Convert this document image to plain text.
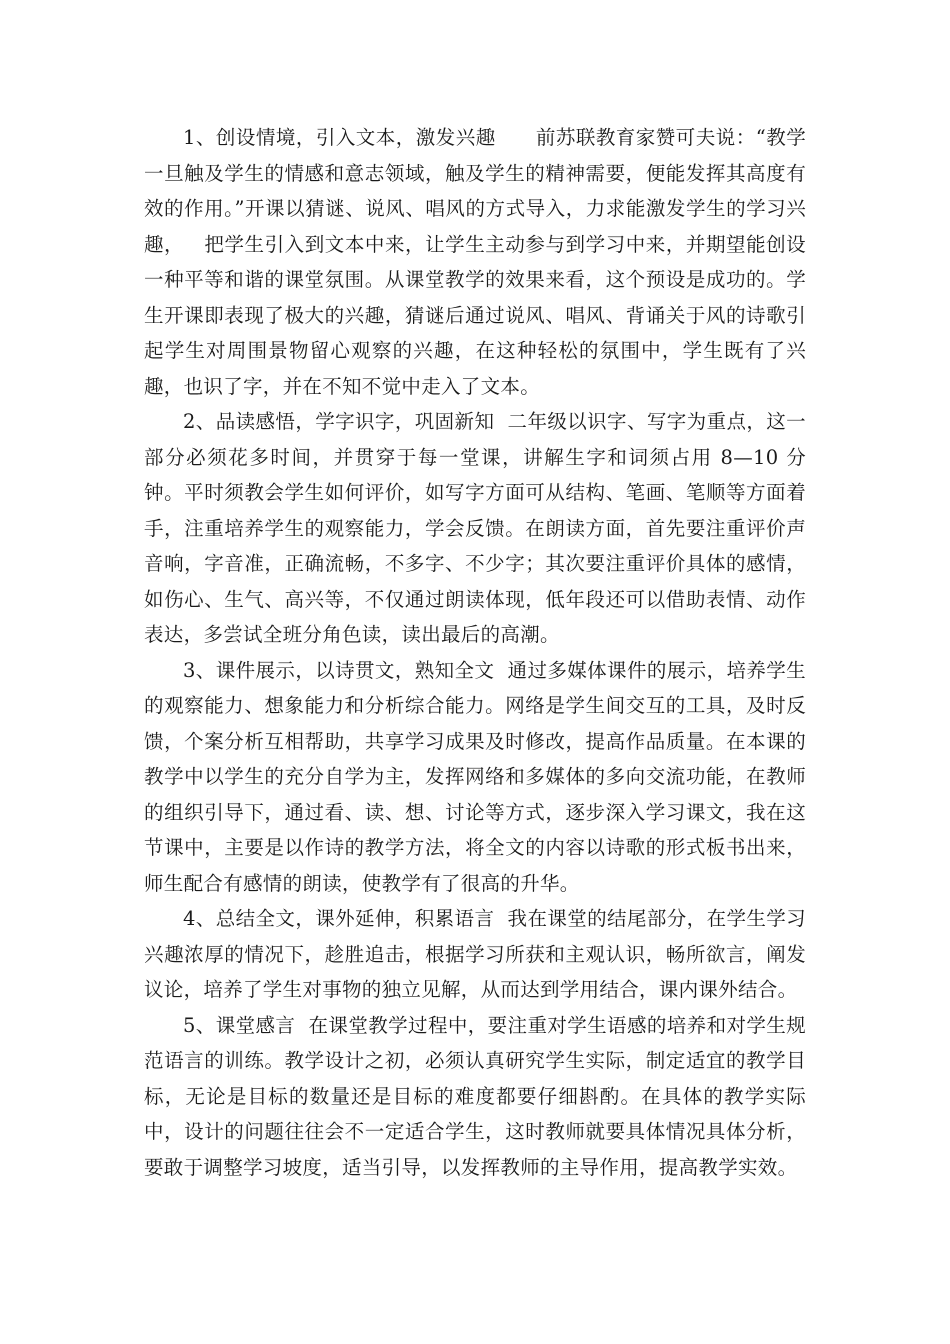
1、创设情境，引入文本，激发兴趣      前苏联教育家赞可夫说：“教学一旦触及学生的情感和意志领域，触及学生的精神需要，便能发挥其高度有效的作用。”开课以猜谜、说风、唱风的方式导入，力求能激发学生的学习兴趣，   把学生引入到文本中来，让学生主动参与到学习中来，并期望能创设一种平等和谐的课堂氛围。从课堂教学的效果来看，这个预设是成功的。学生开课即表现了极大的兴趣，猜谜后通过说风、唱风、背诵关于风的诗歌引起学生对周围景物留心观察的兴趣，在这种轻松的氛围中，学生既有了兴趣，也识了字，并在不知不觉中走入了文本。

2、品读感悟，学字识字，巩固新知  二年级以识字、写字为重点，这一部分必须花多时间，并贯穿于每一堂课，讲解生字和词须占用 8—10 分钟。平时须教会学生如何评价，如写字方面可从结构、笔画、笔顺等方面着手，注重培养学生的观察能力，学会反馈。在朗读方面，首先要注重评价声音响，字音准，正确流畅，不多字、不少字；其次要注重评价具体的感情，如伤心、生气、高兴等，不仅通过朗读体现，低年段还可以借助表情、动作表达，多尝试全班分角色读，读出最后的高潮。

3、课件展示，以诗贯文，熟知全文  通过多媒体课件的展示，培养学生的观察能力、想象能力和分析综合能力。网络是学生间交互的工具，及时反馈，个案分析互相帮助，共享学习成果及时修改，提高作品质量。在本课的教学中以学生的充分自学为主，发挥网络和多媒体的多向交流功能，在教师的组织引导下，通过看、读、想、讨论等方式，逐步深入学习课文，我在这节课中，主要是以作诗的教学方法，将全文的内容以诗歌的形式板书出来，师生配合有感情的朗读，使教学有了很高的升华。

4、总结全文，课外延伸，积累语言  我在课堂的结尾部分，在学生学习兴趣浓厚的情况下，趁胜追击，根据学习所获和主观认识，畅所欲言，阐发议论，培养了学生对事物的独立见解，从而达到学用结合，课内课外结合。

5、课堂感言  在课堂教学过程中，要注重对学生语感的培养和对学生规范语言的训练。教学设计之初，必须认真研究学生实际，制定适宜的教学目标，无论是目标的数量还是目标的难度都要仔细斟酌。在具体的教学实际中，设计的问题往往会不一定适合学生，这时教师就要具体情况具体分析，要敢于调整学习坡度，适当引导，以发挥教师的主导作用，提高教学实效。
